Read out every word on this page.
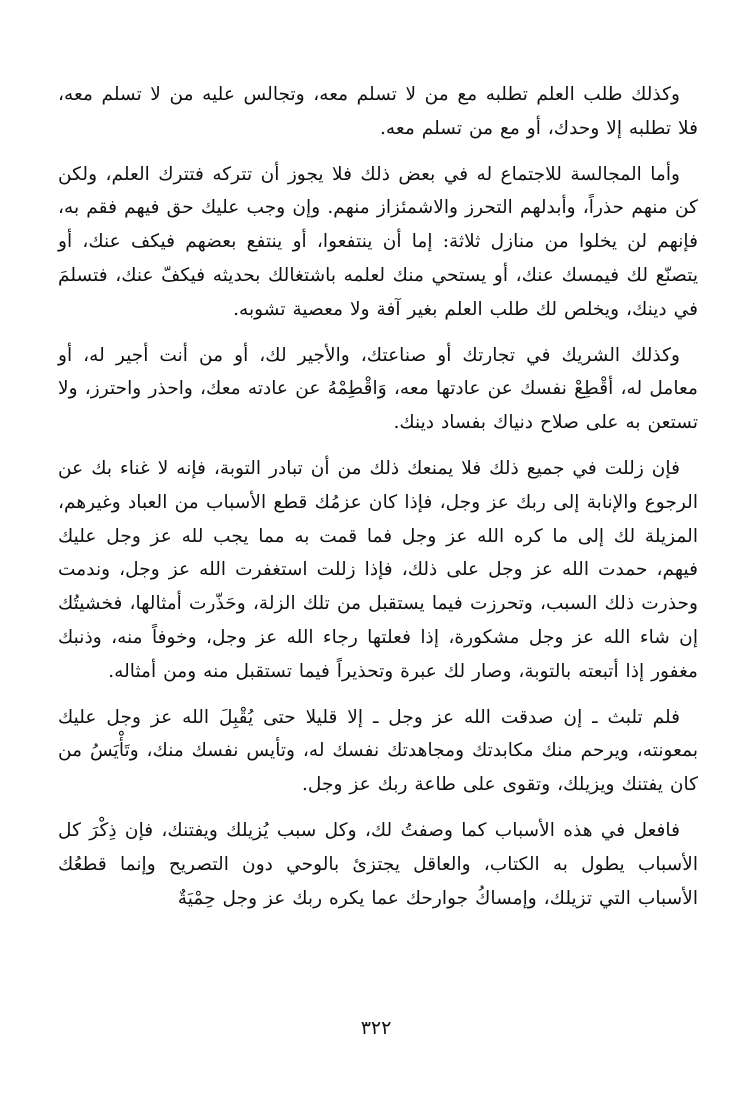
وكذلك طلب العلم تطلبه مع من لا تسلم معه، وتجالس عليه من لا تسلم معه، فلا تطلبه إلا وحدك، أو مع من تسلم معه.

وأما المجالسة للاجتماع له في بعض ذلك فلا يجوز أن تتركه فتترك العلم، ولكن كن منهم حذراً، وأبدلهم التحرز والاشمئزاز منهم. وإن وجب عليك حق فيهم فقم به، فإنهم لن يخلوا من منازل ثلاثة: إما أن ينتفعوا، أو ينتفع بعضهم فيكف عنك، أو يتصنّع لك فيمسك عنك، أو يستحي منك لعلمه باشتغالك بحديثه فيكفّ عنك، فتسلمَ في دينك، ويخلص لك طلب العلم بغير آفة ولا معصية تشوبه.

وكذلك الشريك في تجارتك أو صناعتك، والأجير لك، أو من أنت أجير له، أو معامل له، أقْطِعْ نفسك عن عادتها معه، وَاقْطِمْهُ عن عادته معك، واحذر واحترز، ولا تستعن به على صلاح دنياك بفساد دينك.

فإن زللت في جميع ذلك فلا يمنعك ذلك من أن تبادر التوبة، فإنه لا غناء بك عن الرجوع والإنابة إلى ربك عز وجل، فإذا كان عزمُك قطع الأسباب من العباد وغيرهم، المزيلة لك إلى ما كره الله عز وجل فما قمت به مما يجب لله عز وجل عليك فيهم، حمدت الله عز وجل على ذلك، فإذا زللت استغفرت الله عز وجل، وندمت وحذرت ذلك السبب، وتحرزت فيما يستقبل من تلك الزلة، وحَذّرت أمثالها، فخشيتُك إن شاء الله عز وجل مشكورة، إذا فعلتها رجاء الله عز وجل، وخوفاً منه، وذنبك مغفور إذا أتبعته بالتوبة، وصار لك عبرة وتحذيراً فيما تستقبل منه ومن أمثاله.

فلم تلبث ـ إن صدقت الله عز وجل ـ إلا قليلا حتى يُقْبِلَ الله عز وجل عليك بمعونته، ويرحم منك مكابدتك ومجاهدتك نفسك له، وتأيس نفسك منك، وتَأْيَسُ من كان يفتنك ويزيلك، وتقوى على طاعة ربك عز وجل.

فافعل في هذه الأسباب كما وصفتُ لك، وكل سبب يُزيلك ويفتنك، فإن ذِكْرَ كل الأسباب يطول به الكتاب، والعاقل يجتزئ بالوحي دون التصريح وإنما قطعُك الأسباب التي تزيلك، وإمساكُ جوارحك عما يكره ربك عز وجل حِمْيَةٌ

٣٢٢
